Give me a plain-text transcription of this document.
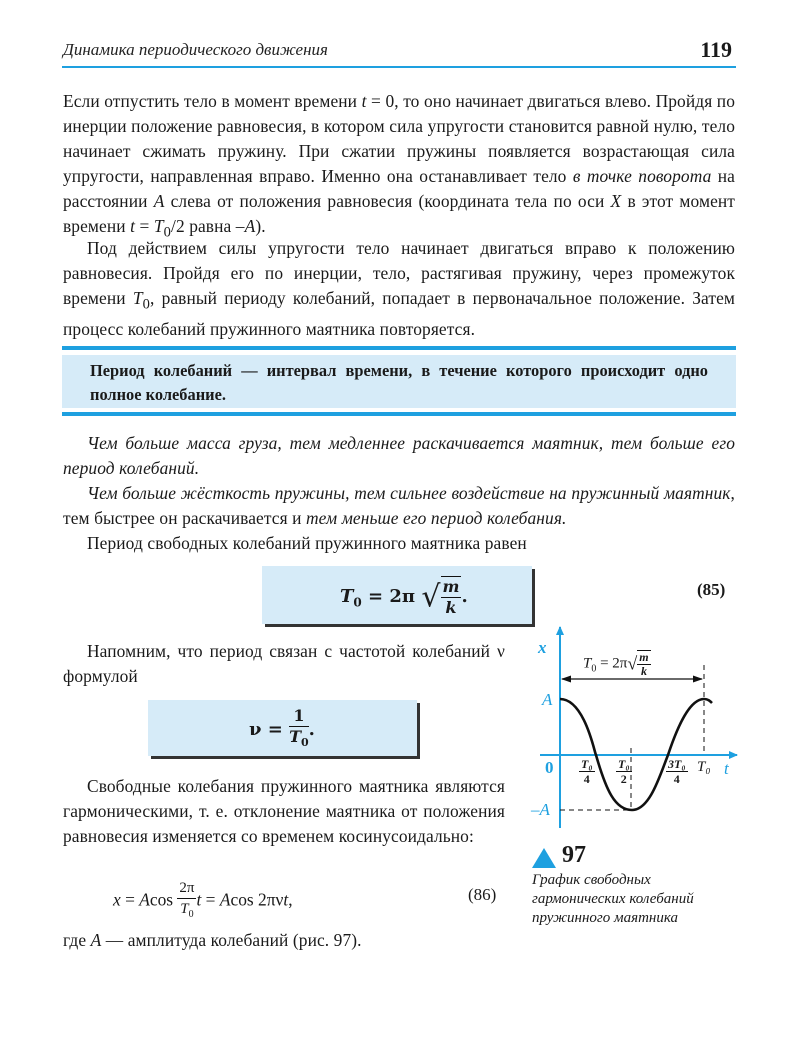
Динамика периодического движения	119
Если отпустить тело в момент времени t = 0, то оно начинает двигаться влево. Пройдя по инерции положение равновесия, в котором сила упругости становится равной нулю, тело начинает сжимать пружину. При сжатии пружины появляется возрастающая сила упругости, направленная вправо. Именно она останавливает тело в точке поворота на расстоянии A слева от положения равновесия (координата тела по оси X в этот момент времени $t = T_0/2$ равна –A).
Под действием силы упругости тело начинает двигаться вправо к положению равновесия. Пройдя его по инерции, тело, растягивая пружину, через промежуток времени $T_0$, равный периоду колебаний, попадает в первоначальное положение. Затем процесс колебаний пружинного маятника повторяется.
Период колебаний — интервал времени, в течение которого происходит одно полное колебание.
Чем больше масса груза, тем медленнее раскачивается маятник, тем больше его период колебаний.
Чем больше жёсткость пружины, тем сильнее воздействие на пружинный маятник, тем быстрее он раскачивается и тем меньше его период колебания.
Период свободных колебаний пружинного маятника равен
$T_0 = 2\pi$ √ $\frac{m}{k}$ .	(85)
Напомним, что период связан с частотой колебаний ν формулой
$\nu = \frac{1}{T_0}$ .
Свободные колебания пружинного маятника являются гармоническими, т. е. отклонение маятника от положения равновесия изменяется со временем косинусоидально:
x = Acos $\frac{2\pi}{T_0}$ t = Acos 2πνt,	(86)
где A — амплитуда колебаний (рис. 97).
x
A
–A
0	t
$T_0 = 2\pi√ \frac{m}{k}$
$\frac{\text{T₀}}{4} \frac{\text{T₀}}{2}$	$\frac{\text{3T₀}}{4} T_0$
97
График свободных гармонических колебаний пружинного маятника
